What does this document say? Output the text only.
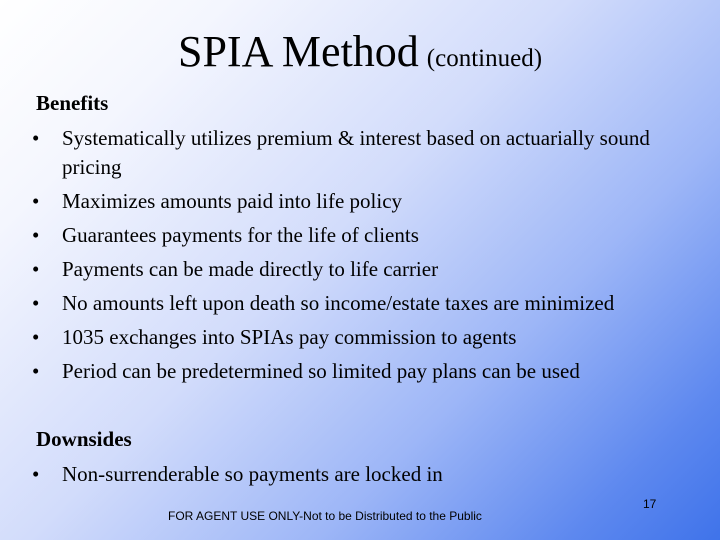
SPIA Method (continued)
Benefits
• Systematically utilizes premium & interest based on actuarially sound pricing
• Maximizes amounts paid into life policy
• Guarantees payments for the life of clients
• Payments can be made directly to life carrier
• No amounts left upon death so income/estate taxes are minimized
• 1035 exchanges into SPIAs pay commission to agents
• Period can be predetermined so limited pay plans can be used
Downsides
• Non-surrenderable so payments are locked in
FOR AGENT USE ONLY-Not to be Distributed to the Public
17
